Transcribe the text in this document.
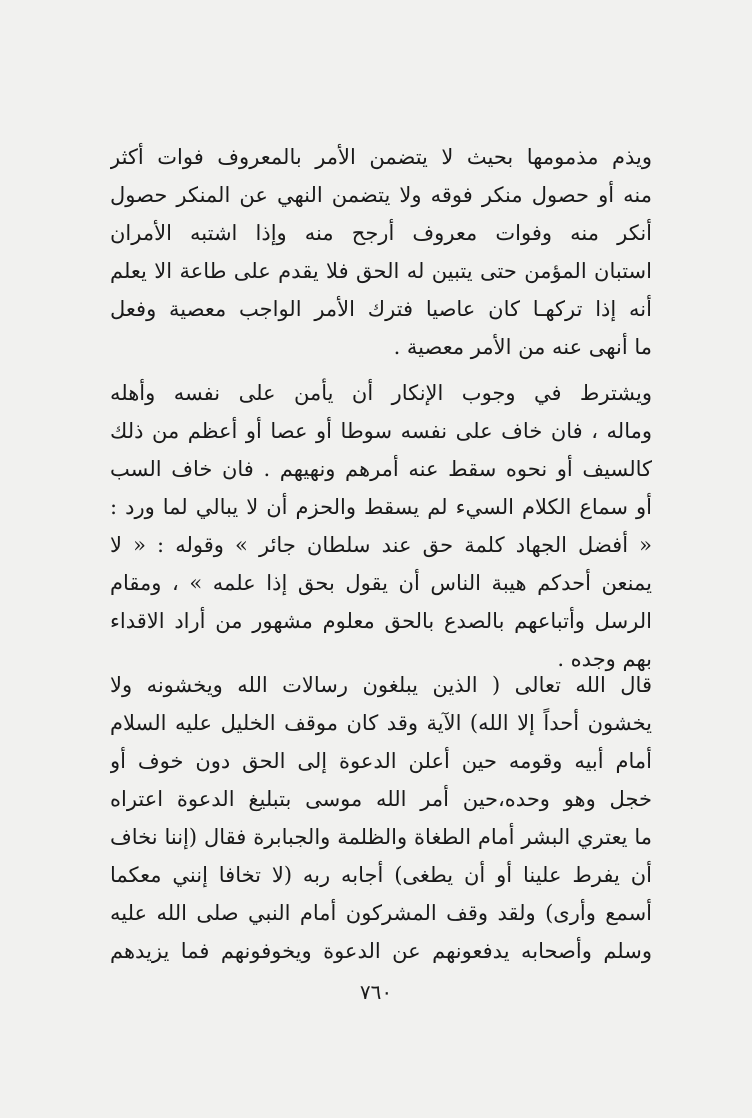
ويذم مذمومها بحيث لا يتضمن الأمر بالمعروف فوات أكثر
منه أو حصول منكر فوقه ولا يتضمن النهي عن المنكر حصول
أنكر منه وفوات معروف أرجح منه وإذا اشتبه الأمران
استبان المؤمن حتى يتبين له الحق فلا يقدم على طاعة الا يعلم
أنه إذا تركهـا كان عاصيا فترك الأمر الواجب معصية وفعل
ما أنهى عنه من الأمر معصية .
ويشترط في وجوب الإنكار أن يأمن على نفسه وأهله
وماله ، فان خاف على نفسه سوطا أو عصا أو أعظم من ذلك
كالسيف أو نحوه سقط عنه أمرهم ونهيهم . فان خاف السب
أو سماع الكلام السيء لم يسقط والحزم أن لا يبالي لما ورد :
« أفضل الجهاد كلمة حق عند سلطان جائر » وقوله : « لا
يمنعن أحدكم هيبة الناس أن يقول بحق إذا علمه » ، ومقام
الرسل وأتباعهم بالصدع بالحق معلوم مشهور من أراد الاقداء
بهم وجده .
قال الله تعالى ( الذين يبلغون رسالات الله ويخشونه ولا
يخشون أحداً إلا الله) الآية وقد كان موقف الخليل عليه السلام
أمام أبيه وقومه حين أعلن الدعوة إلى الحق دون خوف أو
خجل وهو وحده،حين أمر الله موسى بتبليغ الدعوة اعتراه
ما يعتري البشر أمام الطغاة والظلمة والجبابرة فقال (إننا نخاف
أن يفرط علينا أو أن يطغى) أجابه ربه (لا تخافا إنني معكما
أسمع وأرى) ولقد وقف المشركون أمام النبي صلى الله عليه
وسلم وأصحابه يدفعونهم عن الدعوة ويخوفونهم فما يزيدهم
٧٦٠
